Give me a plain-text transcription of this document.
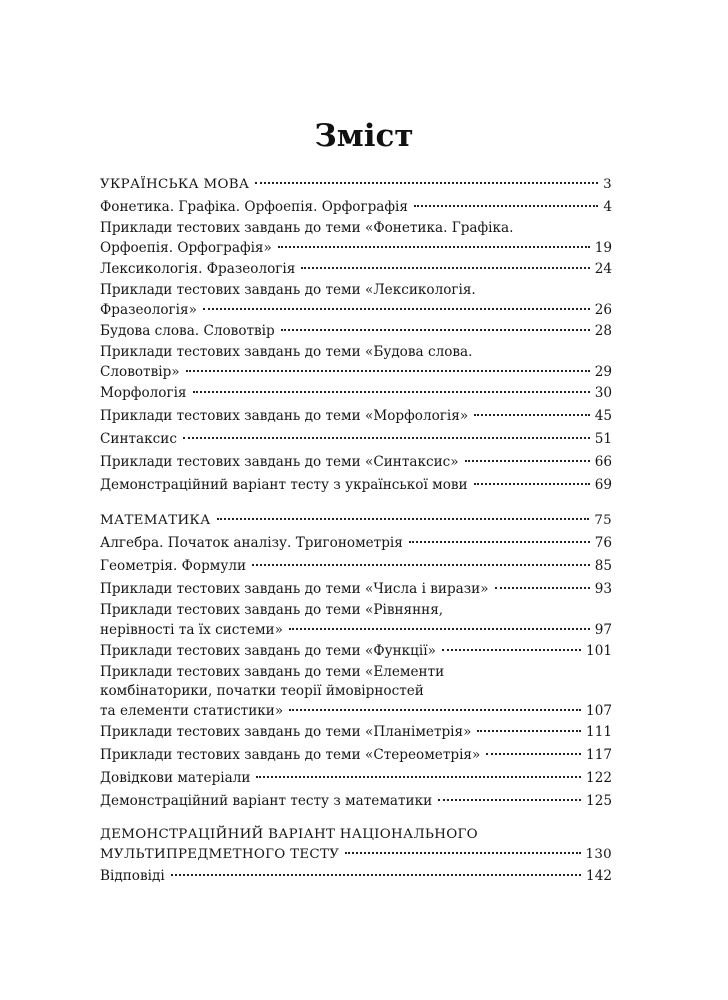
Зміст
УКРАЇНСЬКА МОВА	3
Фонетика. Графіка. Орфоепія. Орфографія	4
Приклади тестових завдань до теми «Фонетика. Графіка.
Орфоепія. Орфографія»	19
Лексикологія. Фразеологія	24
Приклади тестових завдань до теми «Лексикологія.
Фразеологія»	26
Будова слова. Словотвір	28
Приклади тестових завдань до теми «Будова слова.
Словотвір»	29
Морфологія	30
Приклади тестових завдань до теми «Морфологія»	45
Синтаксис	51
Приклади тестових завдань до теми «Синтаксис»	66
Демонстраційний варіант тесту з української мови	69
МАТЕМАТИКА	75
Алгебра. Початок аналізу. Тригонометрія	76
Геометрія. Формули	85
Приклади тестових завдань до теми «Числа і вирази»	93
Приклади тестових завдань до теми «Рівняння,
нерівності та їх системи»	97
Приклади тестових завдань до теми «Функції»	101
Приклади тестових завдань до теми «Елементи
комбінаторики, початки теорії ймовірностей
та елементи статистики»	107
Приклади тестових завдань до теми «Планіметрія»	111
Приклади тестових завдань до теми «Стереометрія»	117
Довідкови матеріали	122
Демонстраційний варіант тесту з математики	125
ДЕМОНСТРАЦІЙНИЙ ВАРІАНТ НАЦІОНАЛЬНОГО
МУЛЬТИПРЕДМЕТНОГО ТЕСТУ	130
Відповіді	142
